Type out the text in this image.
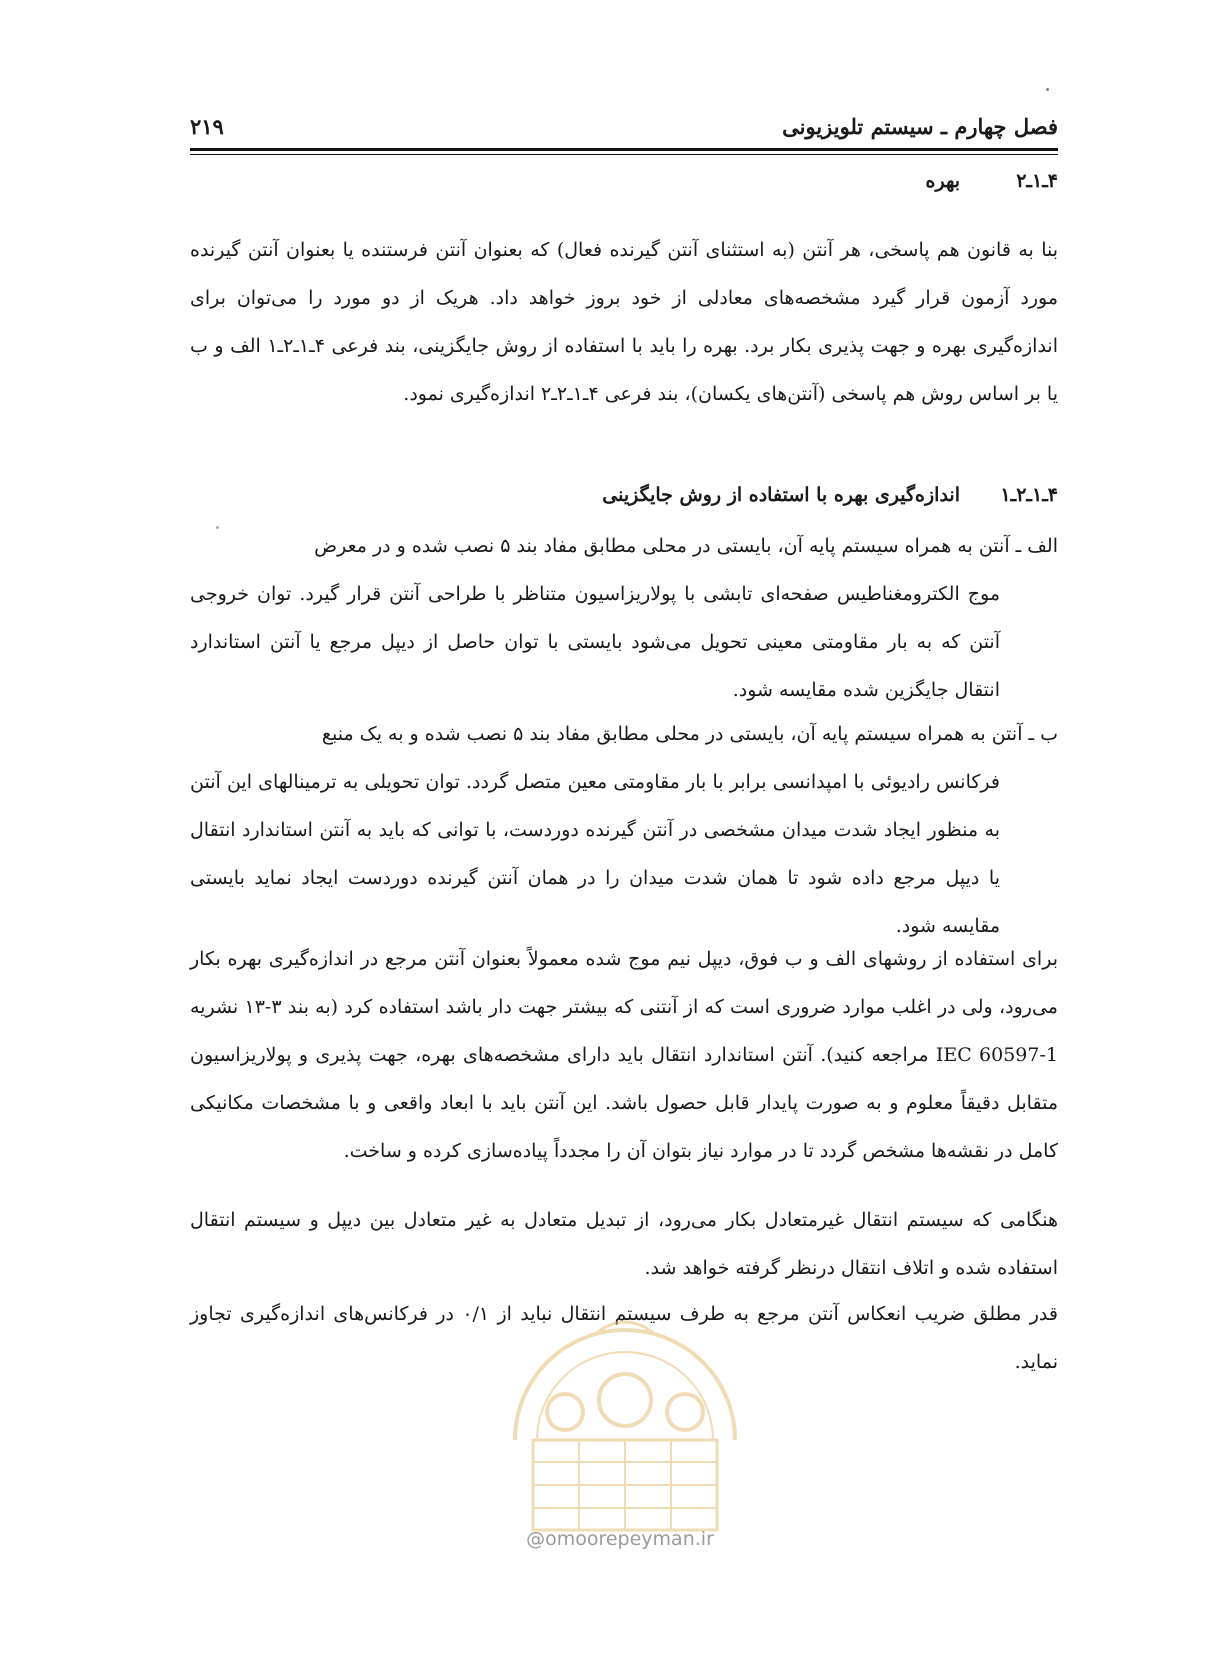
فصل چهارم ـ سیستم تلویزیونی
۲۱۹
۴ـ۱ـ۲
بهره

بنا به قانون هم پاسخی، هر آنتن (به استثنای آنتن گیرنده فعال) که بعنوان آنتن فرستنده یا بعنوان آنتن گیرنده مورد آزمون قرار گیرد مشخصه‌های معادلی از خود بروز خواهد داد. هریک از دو مورد را می‌توان برای اندازه‌گیری بهره و جهت پذیری بکار برد. بهره را باید با استفاده از روش جایگزینی، بند فرعی ۴ـ۱ـ۲ـ۱ الف و ب یا بر اساس روش هم پاسخی (آنتن‌های یکسان)، بند فرعی ۴ـ۱ـ۲ـ۲ اندازه‌گیری نمود.

۴ـ۱ـ۲ـ۱
اندازه‌گیری بهره با استفاده از روش جایگزینی
الف ـ آنتن به همراه سیستم پایه آن، بایستی در محلی مطابق مفاد بند ۵ نصب شده و در معرض
موج الکترومغناطیس صفحه‌ای تابشی با پولاریزاسیون متناظر با طراحی آنتن قرار گیرد. توان خروجی آنتن که به بار مقاومتی معینی تحویل می‌شود بایستی با توان حاصل از دیپل مرجع یا آنتن استاندارد انتقال جایگزین شده مقایسه شود.
ب ـ آنتن به همراه سیستم پایه آن، بایستی در محلی مطابق مفاد بند ۵ نصب شده و به یک منبع
فرکانس رادیوئی با امپدانسی برابر با بار مقاومتی معین متصل گردد. توان تحویلی به ترمینالهای این آنتن به منظور ایجاد شدت میدان مشخصی در آنتن گیرنده دوردست، با توانی که باید به آنتن استاندارد انتقال یا دیپل مرجع داده شود تا همان شدت میدان را در همان آنتن گیرنده دوردست ایجاد نماید بایستی مقایسه شود.

برای استفاده از روشهای الف و ب فوق، دیپل نیم موج شده معمولاً بعنوان آنتن مرجع در اندازه‌گیری بهره بکار می‌رود، ولی در اغلب موارد ضروری است که از آنتنی که بیشتر جهت دار باشد استفاده کرد (به بند ۳-۱۳ نشریه IEC 60597-1 مراجعه کنید). آنتن استاندارد انتقال باید دارای مشخصه‌های بهره، جهت پذیری و پولاریزاسیون متقابل دقیقاً معلوم و به صورت پایدار قابل حصول باشد. این آنتن باید با ابعاد واقعی و با مشخصات مکانیکی کامل در نقشه‌ها مشخص گردد تا در موارد نیاز بتوان آن را مجدداً پیاده‌سازی کرده و ساخت.

هنگامی که سیستم انتقال غیرمتعادل بکار می‌رود، از تبدیل متعادل به غیر متعادل بین دیپل و سیستم انتقال استفاده شده و اتلاف انتقال درنظر گرفته خواهد شد.

قدر مطلق ضریب انعکاس آنتن مرجع به طرف سیستم انتقال نباید از ۰/۱ در فرکانس‌های اندازه‌گیری تجاوز نماید.

@omoorepeyman.ir
